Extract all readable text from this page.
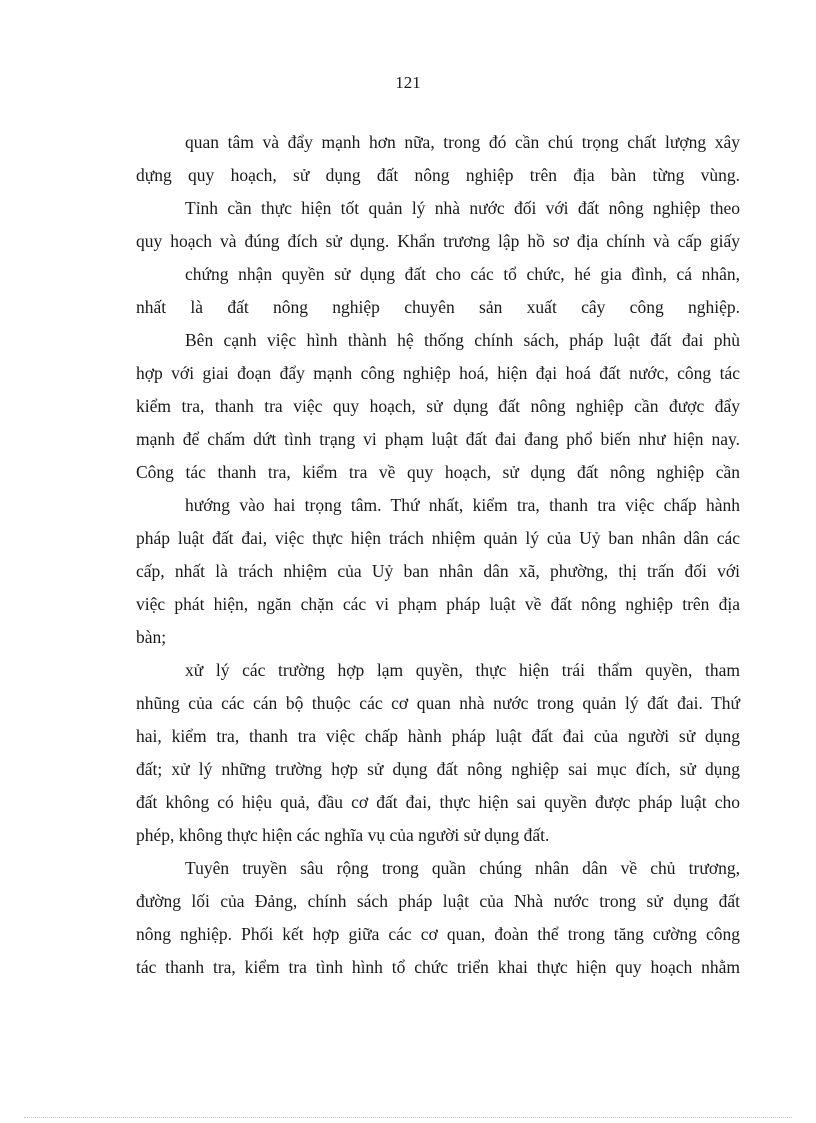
121

quan tâm và đẩy mạnh hơn nữa, trong đó cần chú trọng chất lượng xây

dựng quy hoạch, sử dụng đất nông nghiệp trên địa bàn từng vùng.

Tỉnh cần thực hiện tốt quản lý nhà nước đối với đất nông nghiệp theo

quy hoạch và đúng đích sử dụng. Khẩn trương lập hồ sơ địa chính và cấp giấy

chứng nhận quyền sử dụng đất cho các tổ chức, hé gia đình, cá nhân,

nhất là đất nông nghiệp chuyên sản xuất cây công nghiệp.

Bên cạnh việc hình thành hệ thống chính sách, pháp luật đất đai phù

hợp với giai đoạn đẩy mạnh công nghiệp hoá, hiện đại hoá đất nước, công tác

kiểm tra, thanh tra việc quy hoạch, sử dụng đất nông nghiệp cần được đẩy

mạnh để chấm dứt tình trạng vi phạm luật đất đai đang phổ biến như hiện nay.

Công tác thanh tra, kiểm tra về quy hoạch, sử dụng đất nông nghiệp cần

hướng vào hai trọng tâm. Thứ nhất, kiểm tra, thanh tra việc chấp hành

pháp luật đất đai, việc thực hiện trách nhiệm quản lý của Uỷ ban nhân dân các

cấp, nhất là trách nhiệm của Uỷ ban nhân dân xã, phường, thị trấn đối với

việc phát hiện, ngăn chặn các vi phạm pháp luật về đất nông nghiệp trên địa

bàn;

xử lý các trường hợp lạm quyền, thực hiện trái thẩm quyền, tham

nhũng của các cán bộ thuộc các cơ quan nhà nước trong quản lý đất đai. Thứ

hai, kiểm tra, thanh tra việc chấp hành pháp luật đất đai của người sử dụng

đất; xử lý những trường hợp sử dụng đất nông nghiệp sai mục đích, sử dụng

đất không có hiệu quả, đầu cơ đất đai, thực hiện sai quyền được pháp luật cho

phép, không thực hiện các nghĩa vụ của người sử dụng đất.

Tuyên truyền sâu rộng trong quần chúng nhân dân về chủ trương,

đường lối của Đảng, chính sách pháp luật của Nhà nước trong sử dụng đất

nông nghiệp. Phối kết hợp giữa các cơ quan, đoàn thể trong tăng cường công

tác thanh tra, kiểm tra tình hình tổ chức triển khai thực hiện quy hoạch nhằm
